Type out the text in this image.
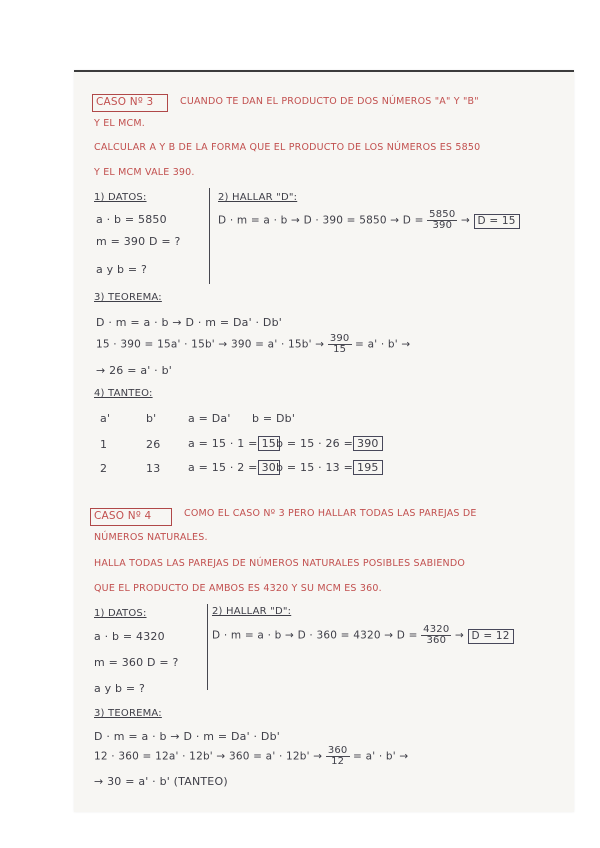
CASO Nº 3	CUANDO TE DAN EL PRODUCTO DE DOS NÚMEROS "A" Y "B"
Y EL MCM.
CALCULAR A Y B DE LA FORMA QUE EL PRODUCTO DE LOS NÚMEROS ES 5850
Y EL MCM VALE 390.
1) DATOS:
a · b = 5850
m = 390 D = ?
a y b = ?
2) HALLAR "D":
$D \cdot m = a \cdot b \to D \cdot 390 = 5850 \to D = \frac{5850}{390} \to D = 15$
3) TEOREMA:
D · m = a · b → D · m = Da' · Db'
$15 \cdot 390 = 15a' \cdot 15b' \to 390 = a' \cdot 15b' \to \frac{390}{15} = a' \cdot b'$ →
→ 26 = a' · b'
4) TANTEO:
a'	b'	a = Da' b = Db'
1	26	a = 15 · 1 = 15 b = 15 · 26 = 390
2	13	a = 15 · 2 = 30 b = 15 · 13 = 195
CASO Nº 4	COMO EL CASO Nº 3 PERO HALLAR TODAS LAS PAREJAS DE
NÚMEROS NATURALES.
HALLA TODAS LAS PAREJAS DE NÚMEROS NATURALES POSIBLES SABIENDO
QUE EL PRODUCTO DE AMBOS ES 4320 Y SU MCM ES 360.
1) DATOS:
a · b = 4320
m = 360 D = ?
a y b = ?
2) HALLAR "D":
$D \cdot m = a \cdot b \to D \cdot 360 = 4320 \to D = \frac{4320}{360} \to D = 12$
3) TEOREMA:
D · m = a · b → D · m = Da' · Db'
$12 \cdot 360 = 12a' \cdot 12b' \to 360 = a' \cdot 12b' \to \frac{360}{12} = a' \cdot b'$ →
→ 30 = a' · b' (TANTEO)
